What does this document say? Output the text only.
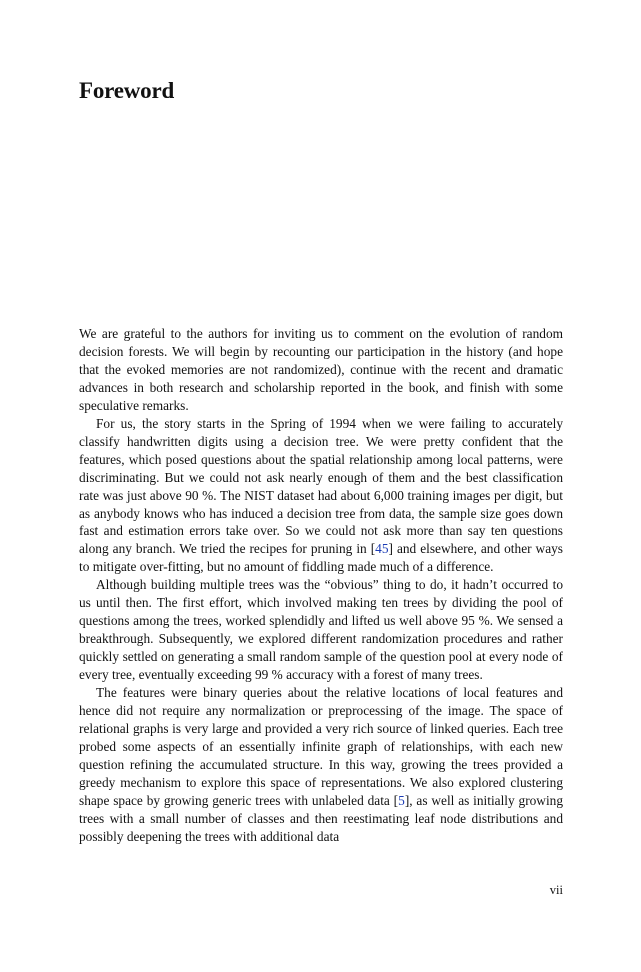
Foreword

We are grateful to the authors for inviting us to comment on the evolution of random decision forests. We will begin by recounting our participation in the history (and hope that the evoked memories are not randomized), continue with the recent and dramatic advances in both research and scholarship reported in the book, and finish with some speculative remarks.

For us, the story starts in the Spring of 1994 when we were failing to accurately classify handwritten digits using a decision tree. We were pretty confident that the features, which posed questions about the spatial relationship among local patterns, were discriminating. But we could not ask nearly enough of them and the best classification rate was just above 90 %. The NIST dataset had about 6,000 training images per digit, but as anybody knows who has induced a decision tree from data, the sample size goes down fast and estimation errors take over. So we could not ask more than say ten questions along any branch. We tried the recipes for pruning in [45] and elsewhere, and other ways to mitigate over-fitting, but no amount of fiddling made much of a difference.

Although building multiple trees was the “obvious” thing to do, it hadn’t occurred to us until then. The first effort, which involved making ten trees by dividing the pool of questions among the trees, worked splendidly and lifted us well above 95 %. We sensed a breakthrough. Subsequently, we explored different randomization procedures and rather quickly settled on generating a small random sample of the question pool at every node of every tree, eventually exceeding 99 % accuracy with a forest of many trees.

The features were binary queries about the relative locations of local features and hence did not require any normalization or preprocessing of the image. The space of relational graphs is very large and provided a very rich source of linked queries. Each tree probed some aspects of an essentially infinite graph of relationships, with each new question refining the accumulated structure. In this way, growing the trees provided a greedy mechanism to explore this space of representations. We also explored clustering shape space by growing generic trees with unlabeled data [5], as well as initially growing trees with a small number of classes and then reestimating leaf node distributions and possibly deepening the trees with additional data

vii
